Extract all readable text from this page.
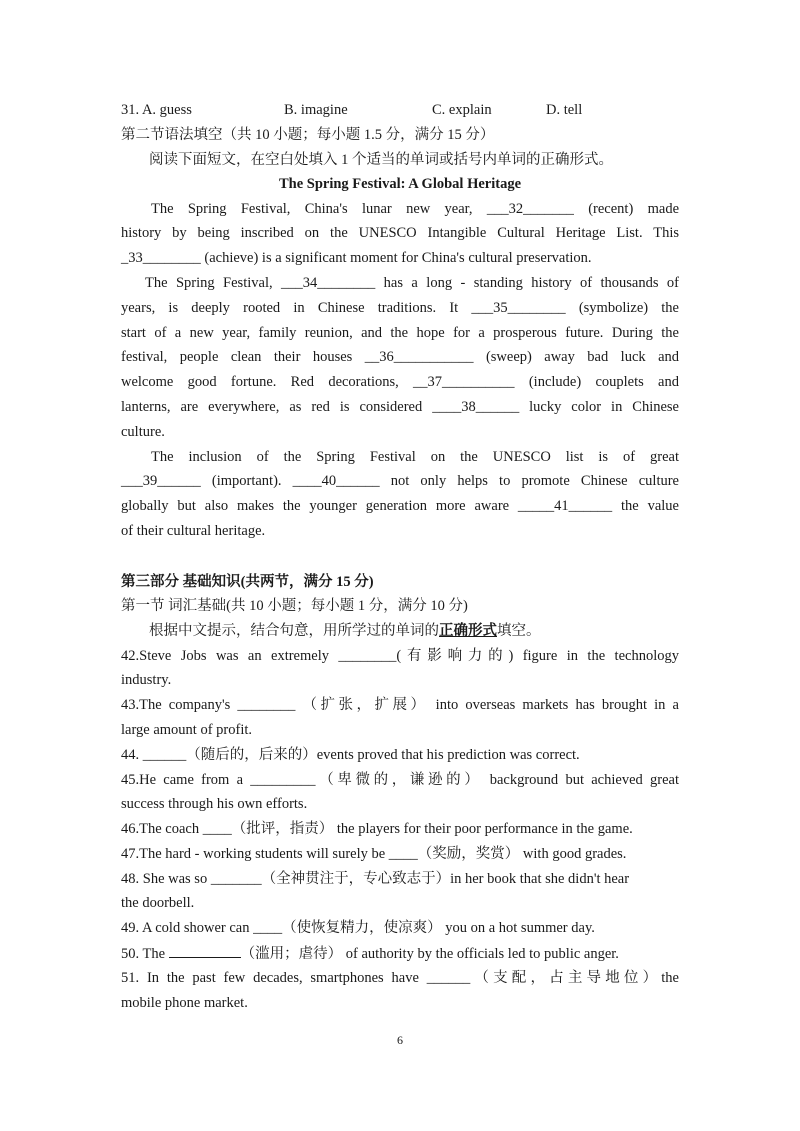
31. A. guess	B. imagine	C. explain	D. tell
第二节语法填空（共 10 小题；每小题 1.5 分，满分 15 分）
阅读下面短文，在空白处填入 1 个适当的单词或括号内单词的正确形式。
The Spring Festival: A Global Heritage
The Spring Festival, China's lunar new year, ___32_______ (recent) made
history by being inscribed on the UNESCO Intangible Cultural Heritage List. This
_33________ (achieve) is a significant moment for China's cultural preservation.
The Spring Festival, ___34________ has a long - standing history of thousands of
years, is deeply rooted in Chinese traditions. It ___35________ (symbolize) the
start of a new year, family reunion, and the hope for a prosperous future. During the
festival, people clean their houses __36___________ (sweep) away bad luck and
welcome good fortune. Red decorations, __37__________ (include) couplets and
lanterns, are everywhere, as red is considered ____38______ lucky color in Chinese
culture.
The inclusion of the Spring Festival on the UNESCO list is of great
___39______ (important). ____40______ not only helps to promote Chinese culture
globally but also makes the younger generation more aware _____41______ the value
of their cultural heritage.
第三部分 基础知识(共两节，满分 15 分)
第一节 词汇基础(共 10 小题；每小题 1 分，满分 10 分)
根据中文提示，结合句意，用所学过的单词的正确形式填空。
42.Steve Jobs was an extremely ________(有影响力的) figure in the technology
industry.
43.The company's ________ （扩张，扩展） into overseas markets has brought in a
large amount of profit.
44. ______（随后的，后来的）events proved that his prediction was correct.
45.He came from a _________（卑微的，谦逊的） background but achieved great
success through his own efforts.
46.The coach ____（批评，指责） the players for their poor performance in the game.
47.The hard - working students will surely be ____（奖励，奖赏） with good grades.
48. She was so _______（全神贯注于，专心致志于）in her book that she didn't hear
the doorbell.
49. A cold shower can ____（使恢复精力，使凉爽） you on a hot summer day.
50. The	（滥用；虐待） of authority by the officials led to public anger.
51. In the past few decades, smartphones have ______（支配，占主导地位）the
mobile phone market.
6
